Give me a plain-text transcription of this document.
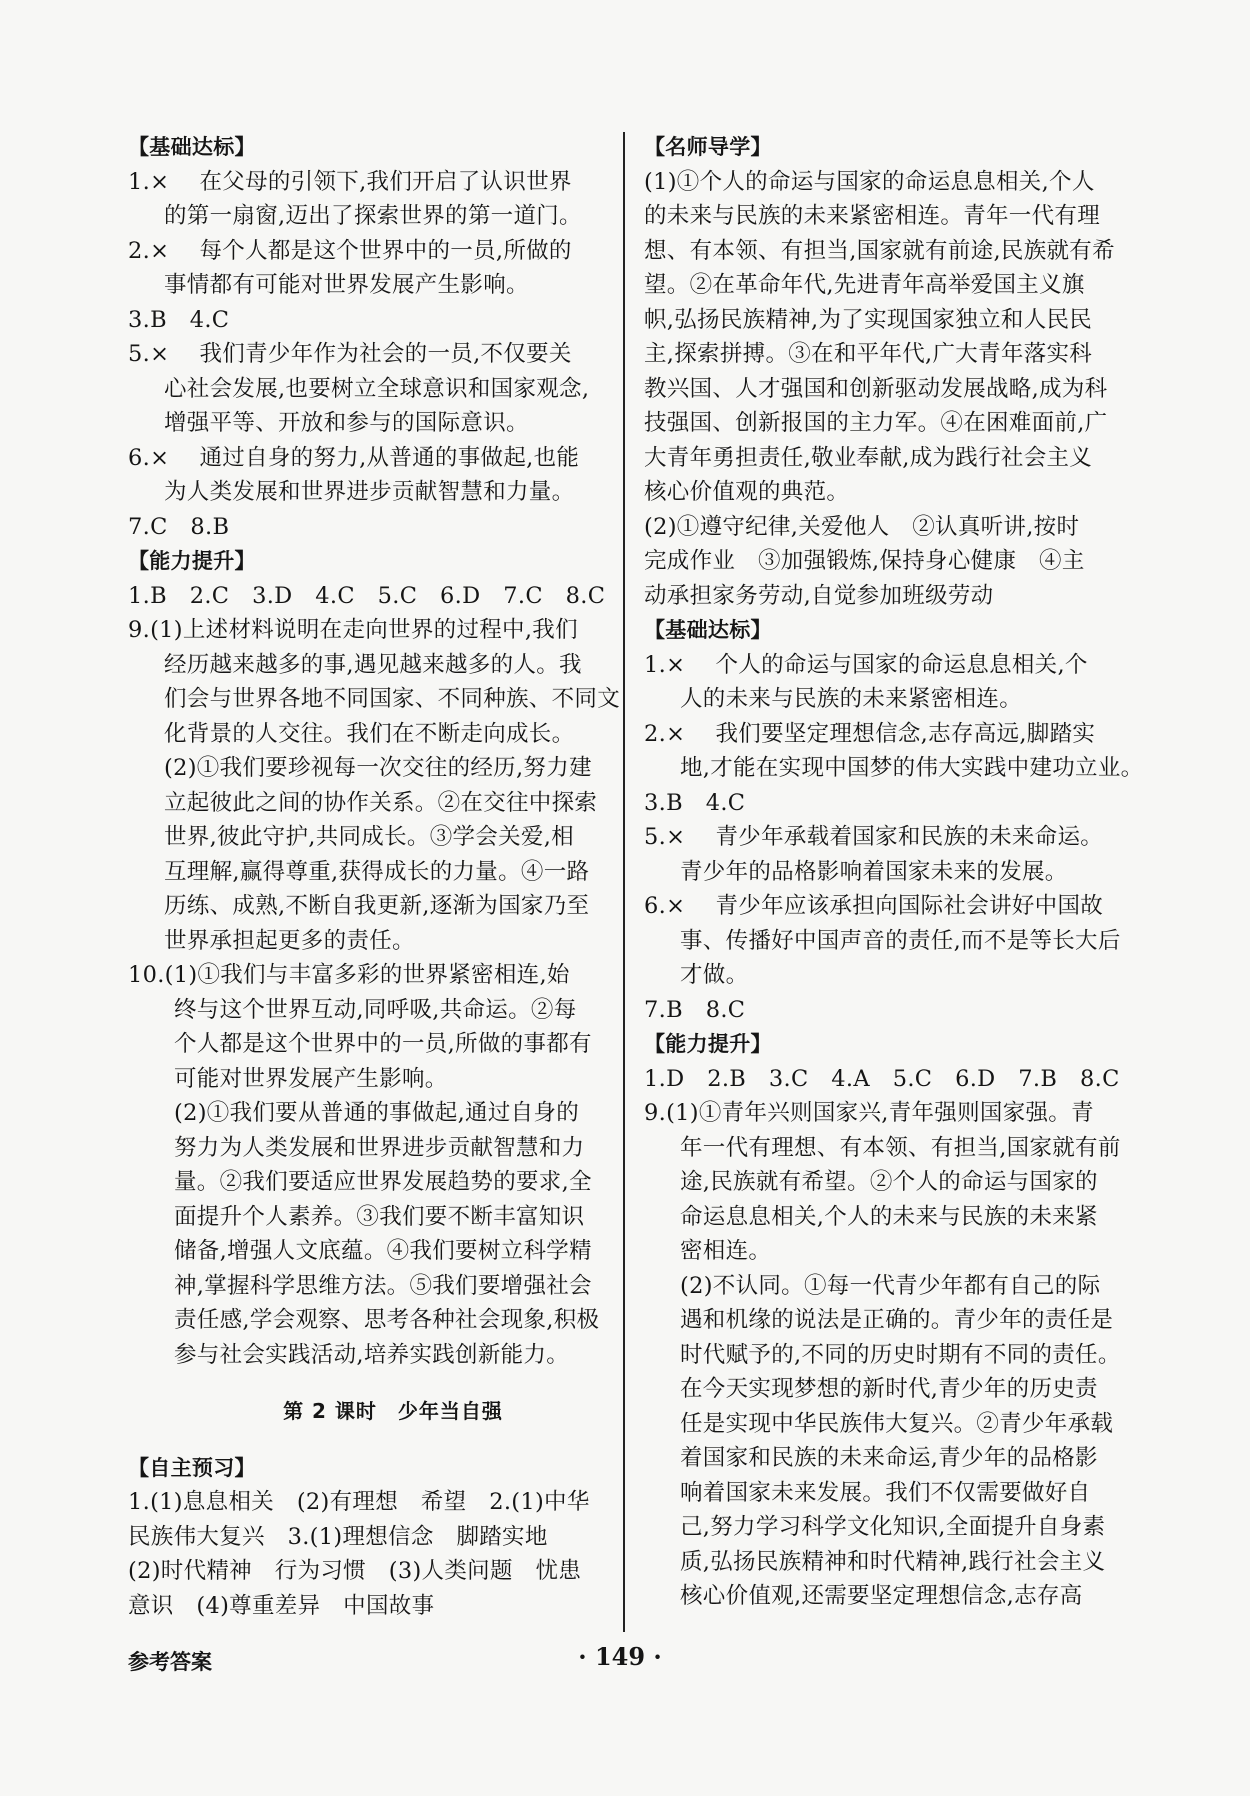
【基础达标】
1.×　 在父母的引领下,我们开启了认识世界
的第一扇窗,迈出了探索世界的第一道门。
2.×　 每个人都是这个世界中的一员,所做的
事情都有可能对世界发展产生影响。
3.B　4.C
5.×　 我们青少年作为社会的一员,不仅要关
心社会发展,也要树立全球意识和国家观念,
增强平等、开放和参与的国际意识。
6.×　 通过自身的努力,从普通的事做起,也能
为人类发展和世界进步贡献智慧和力量。
7.C　8.B
【能力提升】
1.B　2.C　3.D　4.C　5.C　6.D　7.C　8.C
9.(1)上述材料说明在走向世界的过程中,我们
经历越来越多的事,遇见越来越多的人。我
们会与世界各地不同国家、不同种族、不同文
化背景的人交往。我们在不断走向成长。
(2)①我们要珍视每一次交往的经历,努力建
立起彼此之间的协作关系。②在交往中探索
世界,彼此守护,共同成长。③学会关爱,相
互理解,赢得尊重,获得成长的力量。④一路
历练、成熟,不断自我更新,逐渐为国家乃至
世界承担起更多的责任。
10.(1)①我们与丰富多彩的世界紧密相连,始
终与这个世界互动,同呼吸,共命运。②每
个人都是这个世界中的一员,所做的事都有
可能对世界发展产生影响。
(2)①我们要从普通的事做起,通过自身的
努力为人类发展和世界进步贡献智慧和力
量。②我们要适应世界发展趋势的要求,全
面提升个人素养。③我们要不断丰富知识
储备,增强人文底蕴。④我们要树立科学精
神,掌握科学思维方法。⑤我们要增强社会
责任感,学会观察、思考各种社会现象,积极
参与社会实践活动,培养实践创新能力。
第 2 课时　少年当自强
【自主预习】
1.(1)息息相关　(2)有理想　希望　2.(1)中华
民族伟大复兴　3.(1)理想信念　脚踏实地
(2)时代精神　行为习惯　(3)人类问题　忧患
意识　(4)尊重差异　中国故事
【名师导学】
(1)①个人的命运与国家的命运息息相关,个人
的未来与民族的未来紧密相连。青年一代有理
想、有本领、有担当,国家就有前途,民族就有希
望。②在革命年代,先进青年高举爱国主义旗
帜,弘扬民族精神,为了实现国家独立和人民民
主,探索拼搏。③在和平年代,广大青年落实科
教兴国、人才强国和创新驱动发展战略,成为科
技强国、创新报国的主力军。④在困难面前,广
大青年勇担责任,敬业奉献,成为践行社会主义
核心价值观的典范。
(2)①遵守纪律,关爱他人　②认真听讲,按时
完成作业　③加强锻炼,保持身心健康　④主
动承担家务劳动,自觉参加班级劳动
【基础达标】
1.×　 个人的命运与国家的命运息息相关,个
人的未来与民族的未来紧密相连。
2.×　 我们要坚定理想信念,志存高远,脚踏实
地,才能在实现中国梦的伟大实践中建功立业。
3.B　4.C
5.×　 青少年承载着国家和民族的未来命运。
青少年的品格影响着国家未来的发展。
6.×　 青少年应该承担向国际社会讲好中国故
事、传播好中国声音的责任,而不是等长大后
才做。
7.B　8.C
【能力提升】
1.D　2.B　3.C　4.A　5.C　6.D　7.B　8.C
9.(1)①青年兴则国家兴,青年强则国家强。青
年一代有理想、有本领、有担当,国家就有前
途,民族就有希望。②个人的命运与国家的
命运息息相关,个人的未来与民族的未来紧
密相连。
(2)不认同。①每一代青少年都有自己的际
遇和机缘的说法是正确的。青少年的责任是
时代赋予的,不同的历史时期有不同的责任。
在今天实现梦想的新时代,青少年的历史责
任是实现中华民族伟大复兴。②青少年承载
着国家和民族的未来命运,青少年的品格影
响着国家未来发展。我们不仅需要做好自
己,努力学习科学文化知识,全面提升自身素
质,弘扬民族精神和时代精神,践行社会主义
核心价值观,还需要坚定理想信念,志存高
参考答案	· 149 ·
